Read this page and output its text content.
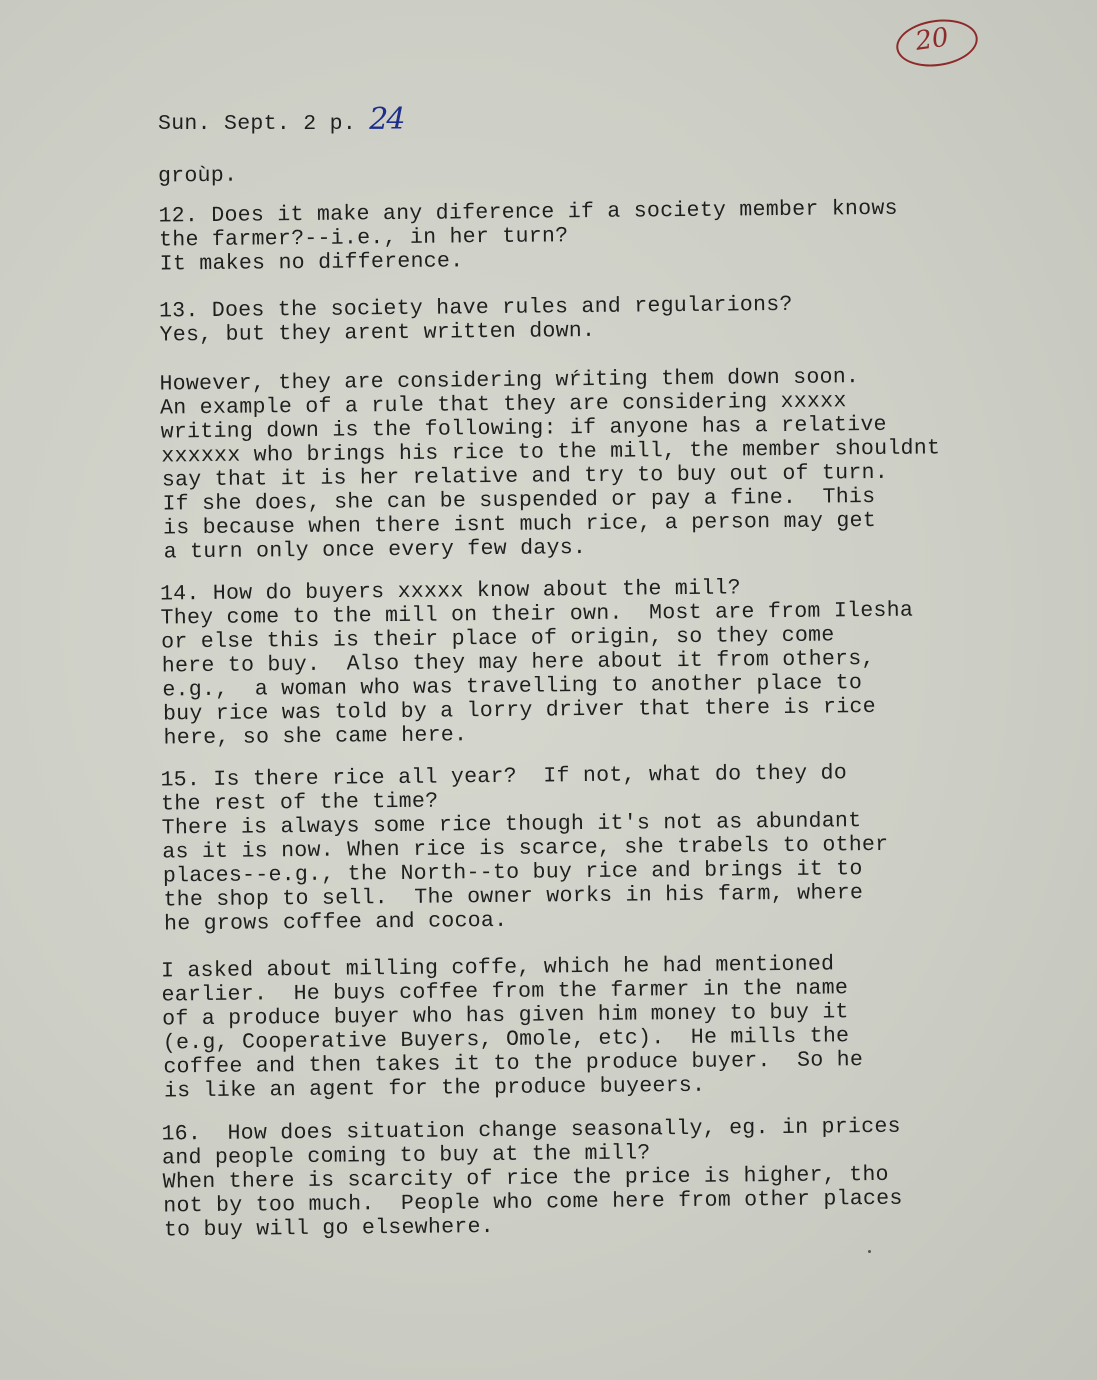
20
Sun. Sept. 2 p. 24
groùp.
12. Does it make any diference if a society member knows
the farmer?--i.e., in her turn?
It makes no difference.
13. Does the society have rules and regularions?
Yes, but they arent written down.
However, they are considering wŕiting them down soon.
An example of a rule that they are considering xxxxx
writing down is the following: if anyone has a relative
xxxxxx who brings his rice to the mill, the member shouldnt
say that it is her relative and try to buy out of turn.
If she does, she can be suspended or pay a fine.  This
is because when there isnt much rice, a person may get
a turn only once every few days.
14. How do buyers xxxxx know about the mill?
They come to the mill on their own.  Most are from Ilesha
or else this is their place of origin, so they come
here to buy.  Also they may here about it from others,
e.g.,  a woman who was travelling to another place to
buy rice was told by a lorry driver that there is rice
here, so she came here.
15. Is there rice all year?  If not, what do they do
the rest of the time?
There is always some rice though it's not as abundant
as it is now. When rice is scarce, she trabels to other
places--e.g., the North--to buy rice and brings it to
the shop to sell.  The owner works in his farm, where
he grows coffee and cocoa.
I asked about milling coffe, which he had mentioned
earlier.  He buys coffee from the farmer in the name
of a produce buyer who has given him money to buy it
(e.g, Cooperative Buyers, Omole, etc).  He mills the
coffee and then takes it to the produce buyer.  So he
is like an agent for the produce buyeers.
16.  How does situation change seasonally, eg. in prices
and people coming to buy at the mill?
When there is scarcity of rice the price is higher, tho
not by too much.  People who come here from other places
to buy will go elsewhere.
